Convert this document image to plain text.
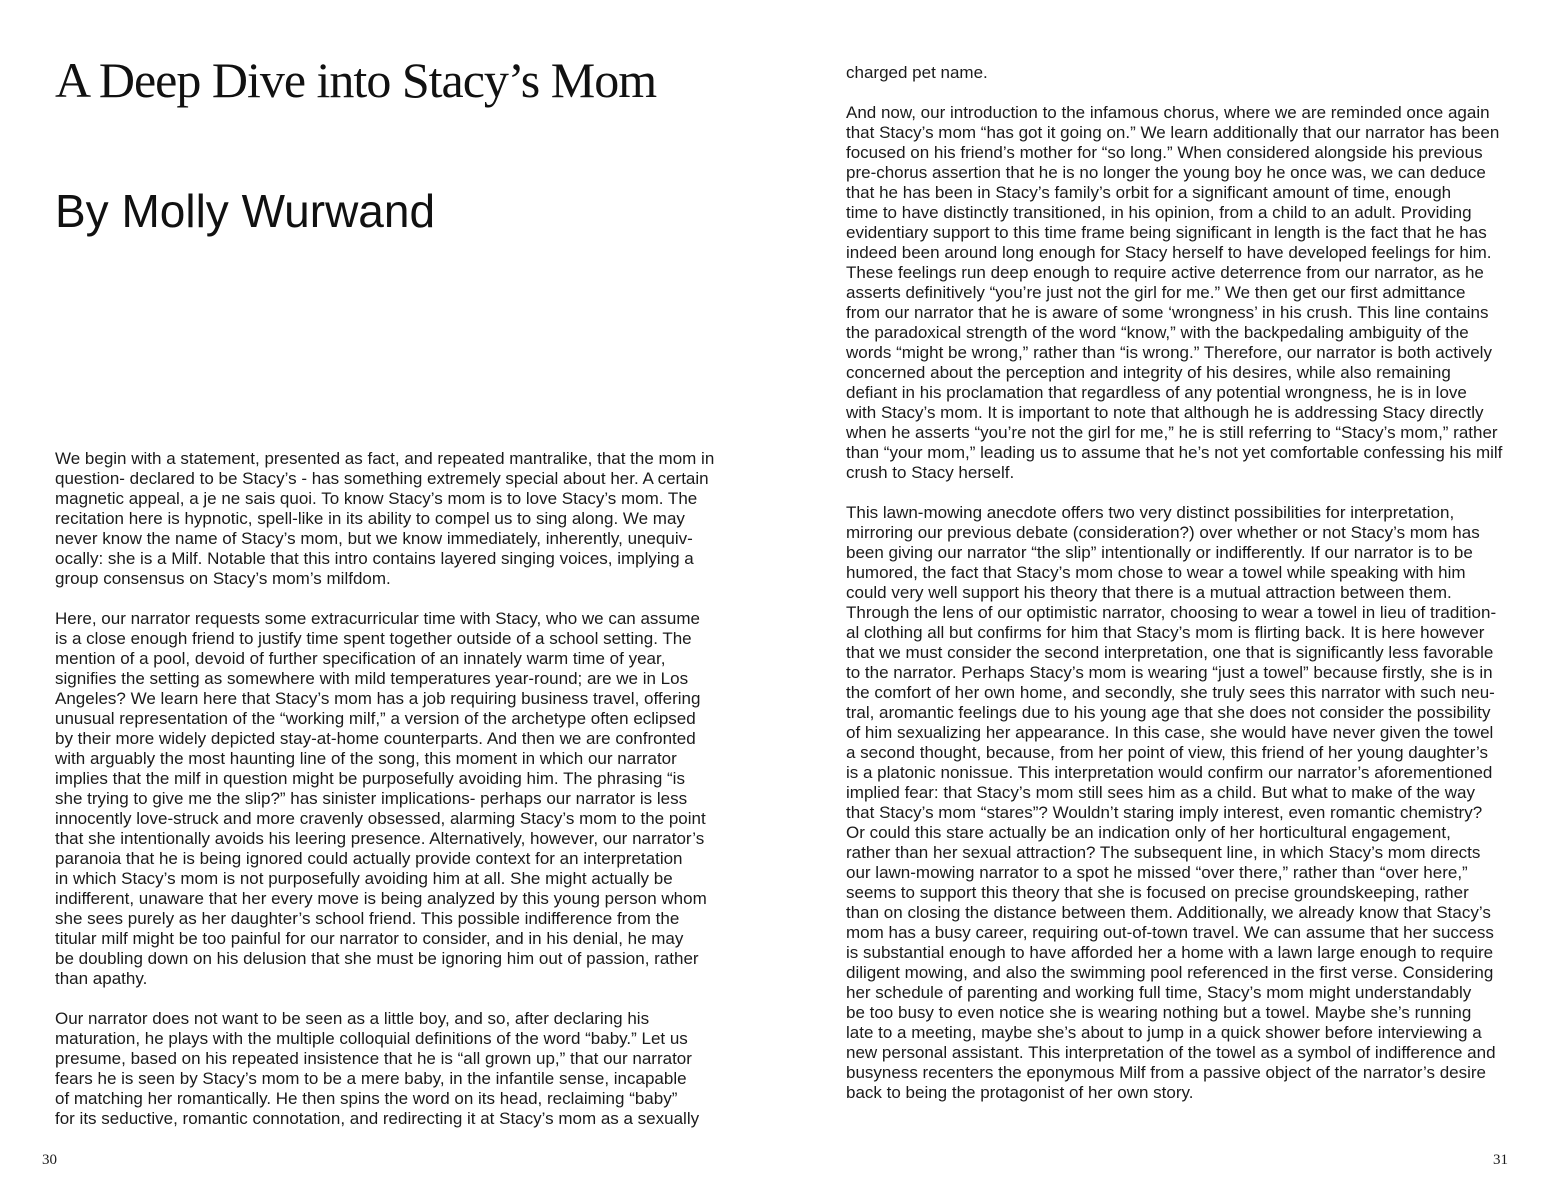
A Deep Dive into Stacy’s Mom
By Molly Wurwand
We begin with a statement, presented as fact, and repeated mantralike, that the mom in
question- declared to be Stacy’s - has something extremely special about her. A certain
magnetic appeal, a je ne sais quoi. To know Stacy’s mom is to love Stacy’s mom. The
recitation here is hypnotic, spell-like in its ability to compel us to sing along. We may
never know the name of Stacy’s mom, but we know immediately, inherently, unequiv-
ocally: she is a Milf. Notable that this intro contains layered singing voices, implying a
group consensus on Stacy’s mom’s milfdom.
Here, our narrator requests some extracurricular time with Stacy, who we can assume
is a close enough friend to justify time spent together outside of a school setting. The
mention of a pool, devoid of further specification of an innately warm time of year,
signifies the setting as somewhere with mild temperatures year-round; are we in Los
Angeles? We learn here that Stacy’s mom has a job requiring business travel, offering
unusual representation of the “working milf,” a version of the archetype often eclipsed
by their more widely depicted stay-at-home counterparts. And then we are confronted
with arguably the most haunting line of the song, this moment in which our narrator
implies that the milf in question might be purposefully avoiding him. The phrasing “is
she trying to give me the slip?” has sinister implications- perhaps our narrator is less
innocently love-struck and more cravenly obsessed, alarming Stacy’s mom to the point
that she intentionally avoids his leering presence. Alternatively, however, our narrator’s
paranoia that he is being ignored could actually provide context for an interpretation
in which Stacy’s mom is not purposefully avoiding him at all. She might actually be
indifferent, unaware that her every move is being analyzed by this young person whom
she sees purely as her daughter’s school friend. This possible indifference from the
titular milf might be too painful for our narrator to consider, and in his denial, he may
be doubling down on his delusion that she must be ignoring him out of passion, rather
than apathy.
Our narrator does not want to be seen as a little boy, and so, after declaring his
maturation, he plays with the multiple colloquial definitions of the word “baby.” Let us
presume, based on his repeated insistence that he is “all grown up,” that our narrator
fears he is seen by Stacy’s mom to be a mere baby, in the infantile sense, incapable
of matching her romantically. He then spins the word on its head, reclaiming “baby”
for its seductive, romantic connotation, and redirecting it at Stacy’s mom as a sexually
30
charged pet name.
And now, our introduction to the infamous chorus, where we are reminded once again
that Stacy’s mom “has got it going on.” We learn additionally that our narrator has been
focused on his friend’s mother for “so long.” When considered alongside his previous
pre-chorus assertion that he is no longer the young boy he once was, we can deduce
that he has been in Stacy’s family’s orbit for a significant amount of time, enough
time to have distinctly transitioned, in his opinion, from a child to an adult. Providing
evidentiary support to this time frame being significant in length is the fact that he has
indeed been around long enough for Stacy herself to have developed feelings for him.
These feelings run deep enough to require active deterrence from our narrator, as he
asserts definitively “you’re just not the girl for me.” We then get our first admittance
from our narrator that he is aware of some ‘wrongness’ in his crush. This line contains
the paradoxical strength of the word “know,” with the backpedaling ambiguity of the
words “might be wrong,” rather than “is wrong.” Therefore, our narrator is both actively
concerned about the perception and integrity of his desires, while also remaining
defiant in his proclamation that regardless of any potential wrongness, he is in love
with Stacy’s mom. It is important to note that although he is addressing Stacy directly
when he asserts “you’re not the girl for me,” he is still referring to “Stacy’s mom,” rather
than “your mom,” leading us to assume that he’s not yet comfortable confessing his milf
crush to Stacy herself.
This lawn-mowing anecdote offers two very distinct possibilities for interpretation,
mirroring our previous debate (consideration?) over whether or not Stacy’s mom has
been giving our narrator “the slip” intentionally or indifferently. If our narrator is to be
humored, the fact that Stacy’s mom chose to wear a towel while speaking with him
could very well support his theory that there is a mutual attraction between them.
Through the lens of our optimistic narrator, choosing to wear a towel in lieu of tradition-
al clothing all but confirms for him that Stacy’s mom is flirting back. It is here however
that we must consider the second interpretation, one that is significantly less favorable
to the narrator. Perhaps Stacy’s mom is wearing “just a towel” because firstly, she is in
the comfort of her own home, and secondly, she truly sees this narrator with such neu-
tral, aromantic feelings due to his young age that she does not consider the possibility
of him sexualizing her appearance. In this case, she would have never given the towel
a second thought, because, from her point of view, this friend of her young daughter’s
is a platonic nonissue. This interpretation would confirm our narrator’s aforementioned
implied fear: that Stacy’s mom still sees him as a child. But what to make of the way
that Stacy’s mom “stares”? Wouldn’t staring imply interest, even romantic chemistry?
Or could this stare actually be an indication only of her horticultural engagement,
rather than her sexual attraction? The subsequent line, in which Stacy’s mom directs
our lawn-mowing narrator to a spot he missed “over there,” rather than “over here,”
seems to support this theory that she is focused on precise groundskeeping, rather
than on closing the distance between them. Additionally, we already know that Stacy’s
mom has a busy career, requiring out-of-town travel. We can assume that her success
is substantial enough to have afforded her a home with a lawn large enough to require
diligent mowing, and also the swimming pool referenced in the first verse. Considering
her schedule of parenting and working full time, Stacy’s mom might understandably
be too busy to even notice she is wearing nothing but a towel. Maybe she’s running
late to a meeting, maybe she’s about to jump in a quick shower before interviewing a
new personal assistant. This interpretation of the towel as a symbol of indifference and
busyness recenters the eponymous Milf from a passive object of the narrator’s desire
back to being the protagonist of her own story.
31
